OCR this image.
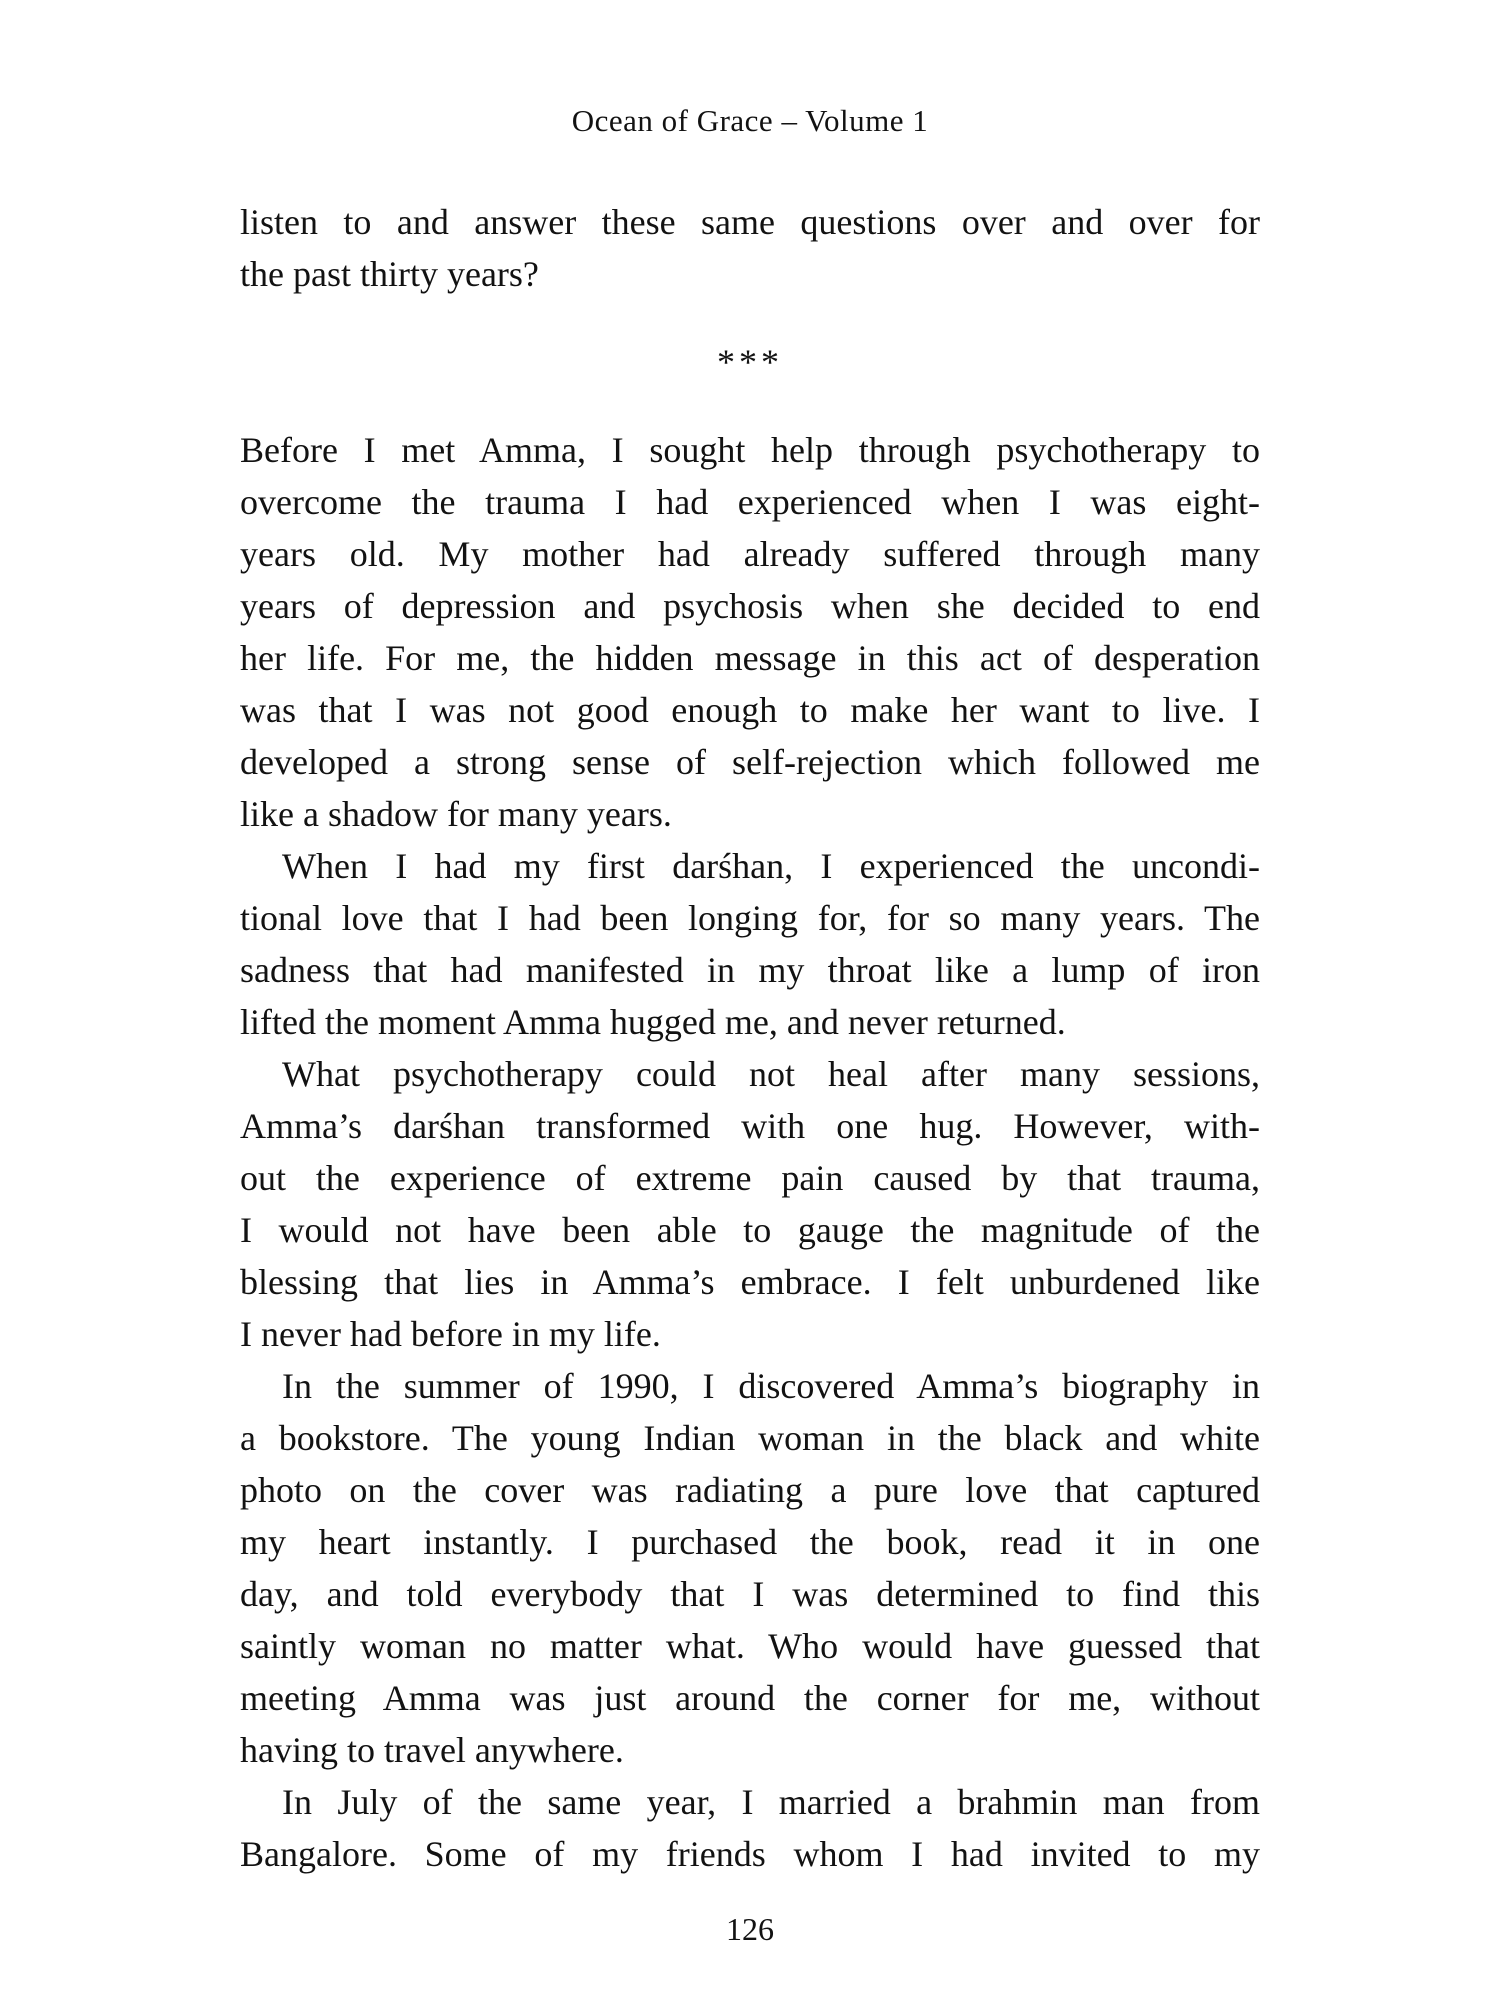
Ocean of Grace – Volume 1
listen to and answer these same questions over and over for
the past thirty years?
***
Before I met Amma, I sought help through psychotherapy to
overcome the trauma I had experienced when I was eight-
years old. My mother had already suffered through many
years of depression and psychosis when she decided to end
her life. For me, the hidden message in this act of desperation
was that I was not good enough to make her want to live. I
developed a strong sense of self-rejection which followed me
like a shadow for many years.
When I had my first darśhan, I experienced the uncondi-
tional love that I had been longing for, for so many years. The
sadness that had manifested in my throat like a lump of iron
lifted the moment Amma hugged me, and never returned.
What psychotherapy could not heal after many sessions,
Amma’s darśhan transformed with one hug. However, with-
out the experience of extreme pain caused by that trauma,
I would not have been able to gauge the magnitude of the
blessing that lies in Amma’s embrace. I felt unburdened like
I never had before in my life.
In the summer of 1990, I discovered Amma’s biography in
a bookstore. The young Indian woman in the black and white
photo on the cover was radiating a pure love that captured
my heart instantly. I purchased the book, read it in one
day, and told everybody that I was determined to find this
saintly woman no matter what. Who would have guessed that
meeting Amma was just around the corner for me, without
having to travel anywhere.
In July of the same year, I married a brahmin man from
Bangalore. Some of my friends whom I had invited to my
126
